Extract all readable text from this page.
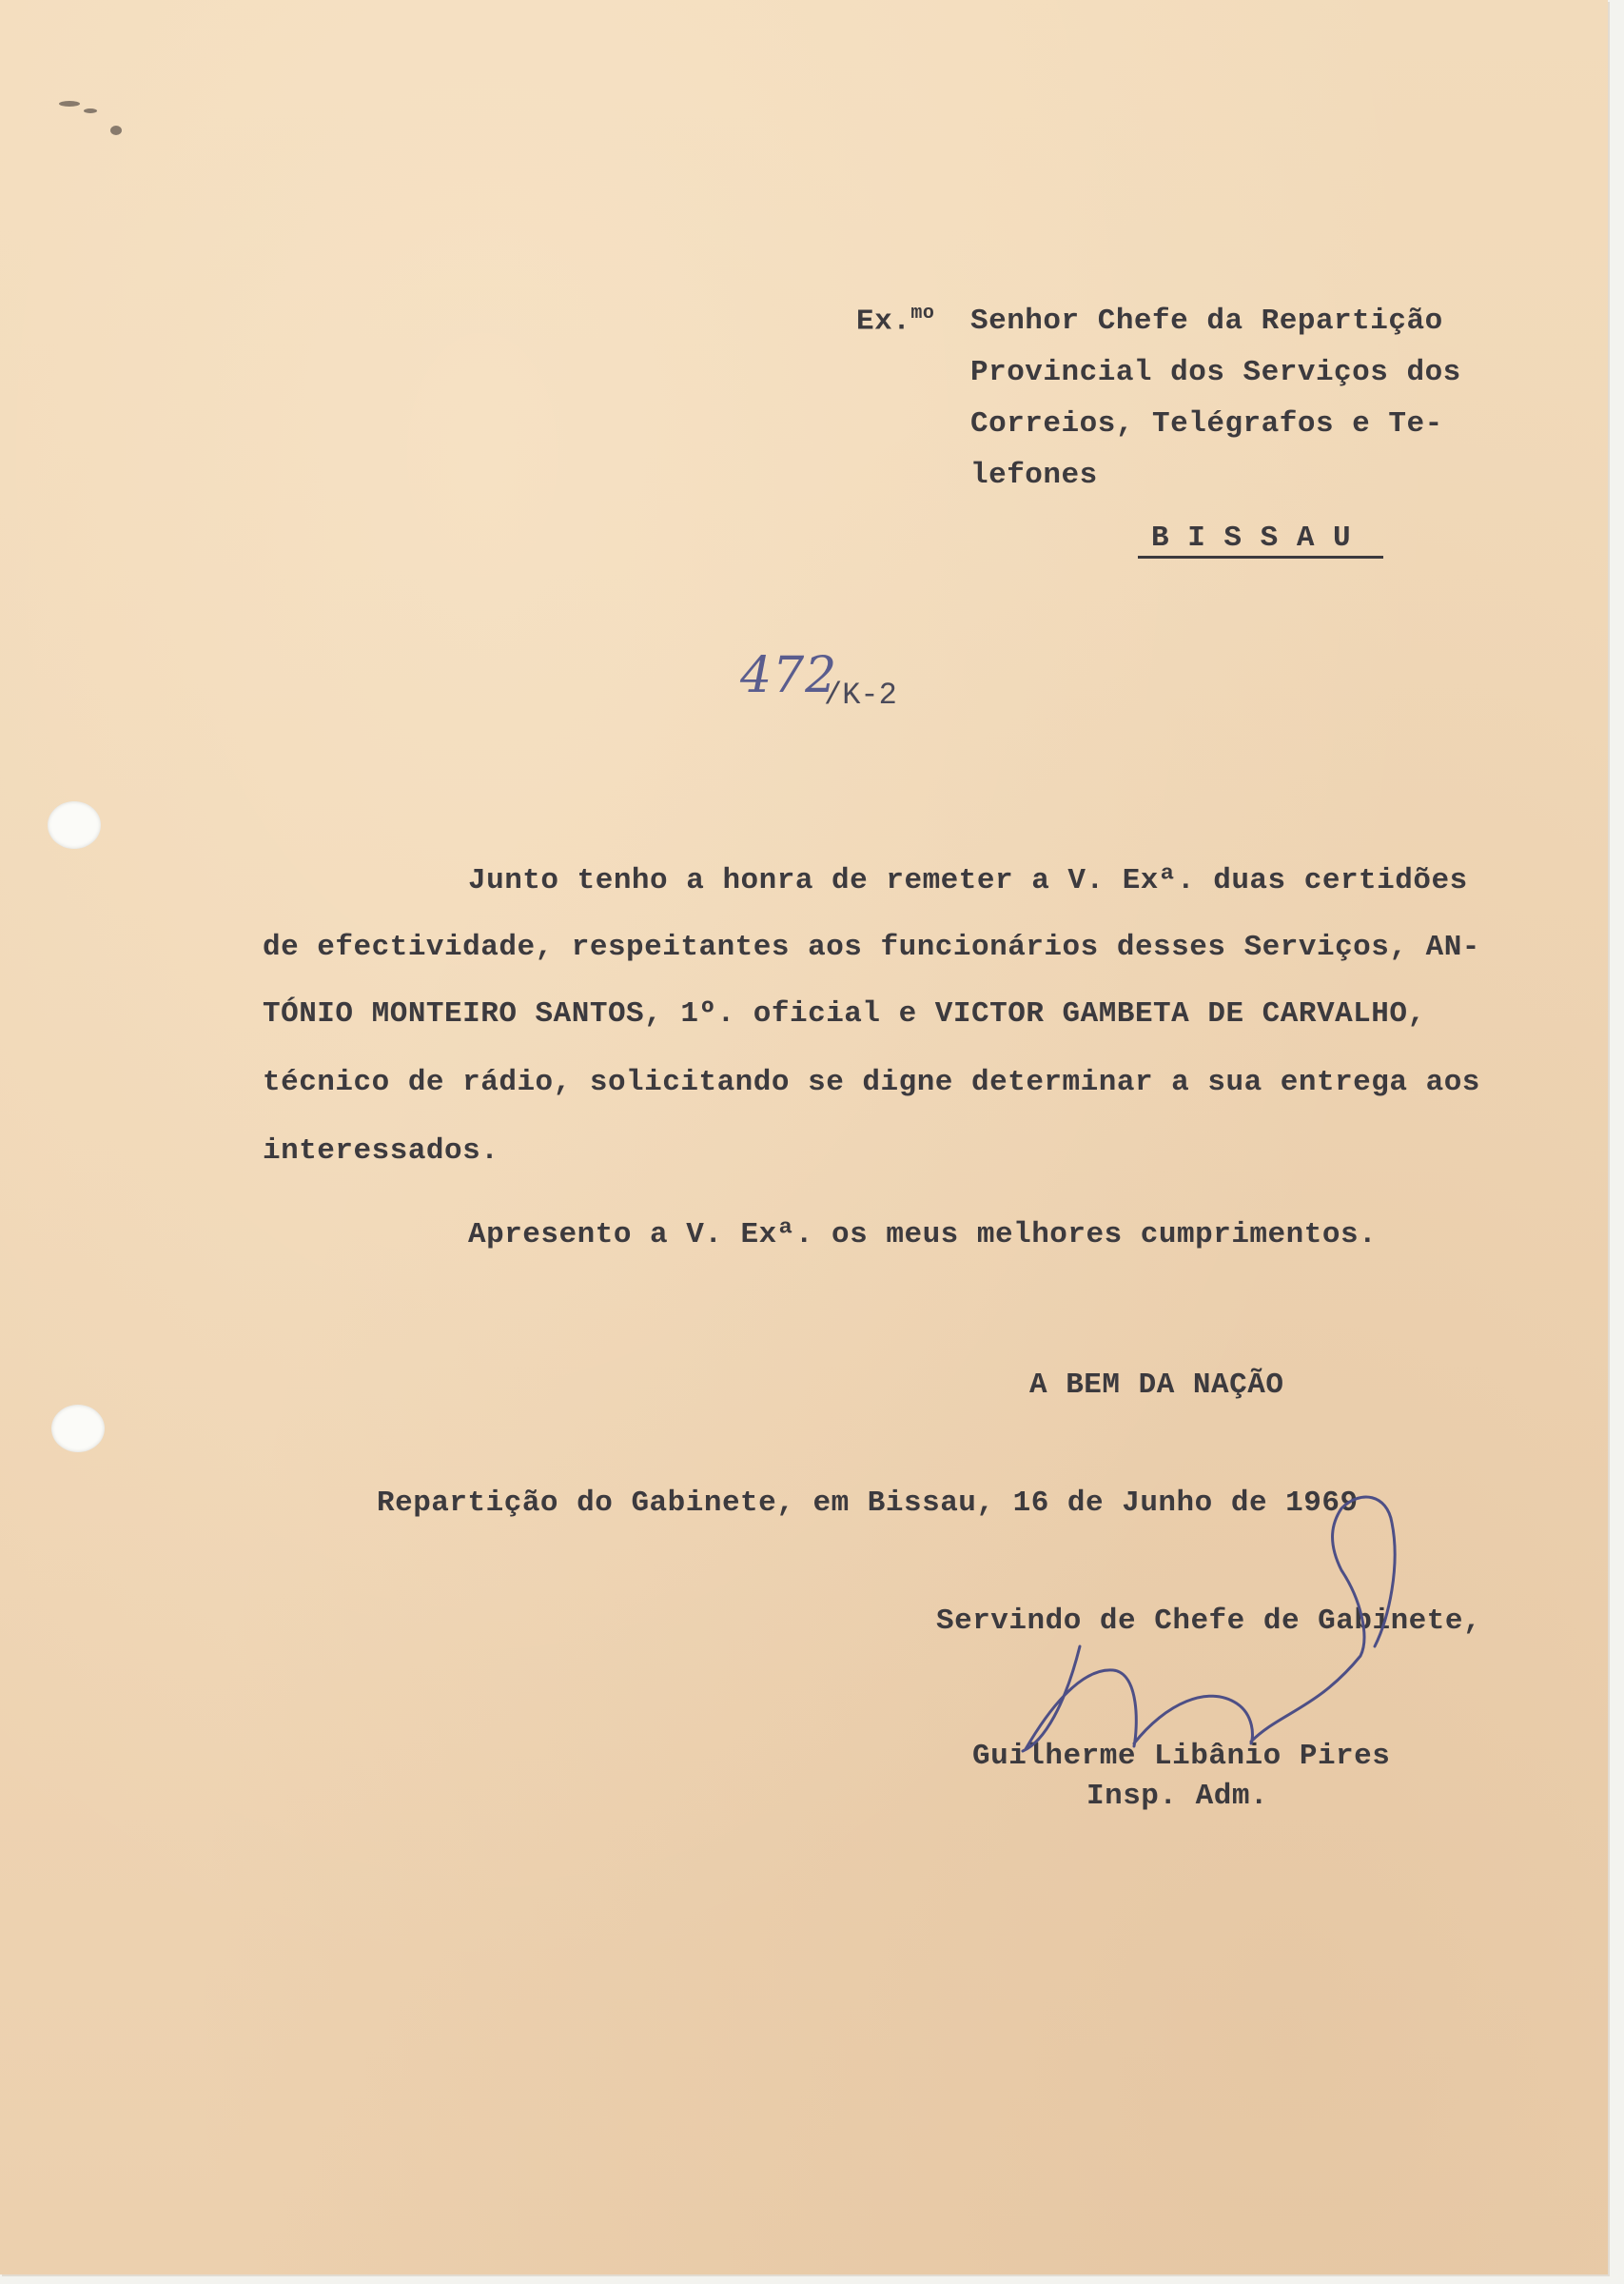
Ex.$^{mo}$ Senhor Chefe da Repartição

Provincial dos Serviços dos

Correios, Telégrafos e Te-

lefones

B I S S A U

472
/K-2

Junto tenho a honra de remeter a V. Exª. duas certidões

de efectividade, respeitantes aos funcionários desses Serviços, AN-

TÓNIO MONTEIRO SANTOS, 1º. oficial e VICTOR GAMBETA DE CARVALHO,

técnico de rádio, solicitando se digne determinar a sua entrega aos

interessados.

Apresento a V. Exª. os meus melhores cumprimentos.

A BEM DA NAÇÃO

Repartição do Gabinete, em Bissau, 16 de Junho de 1969

Servindo de Chefe de Gabinete,

Guilherme Libânio Pires

Insp. Adm.
